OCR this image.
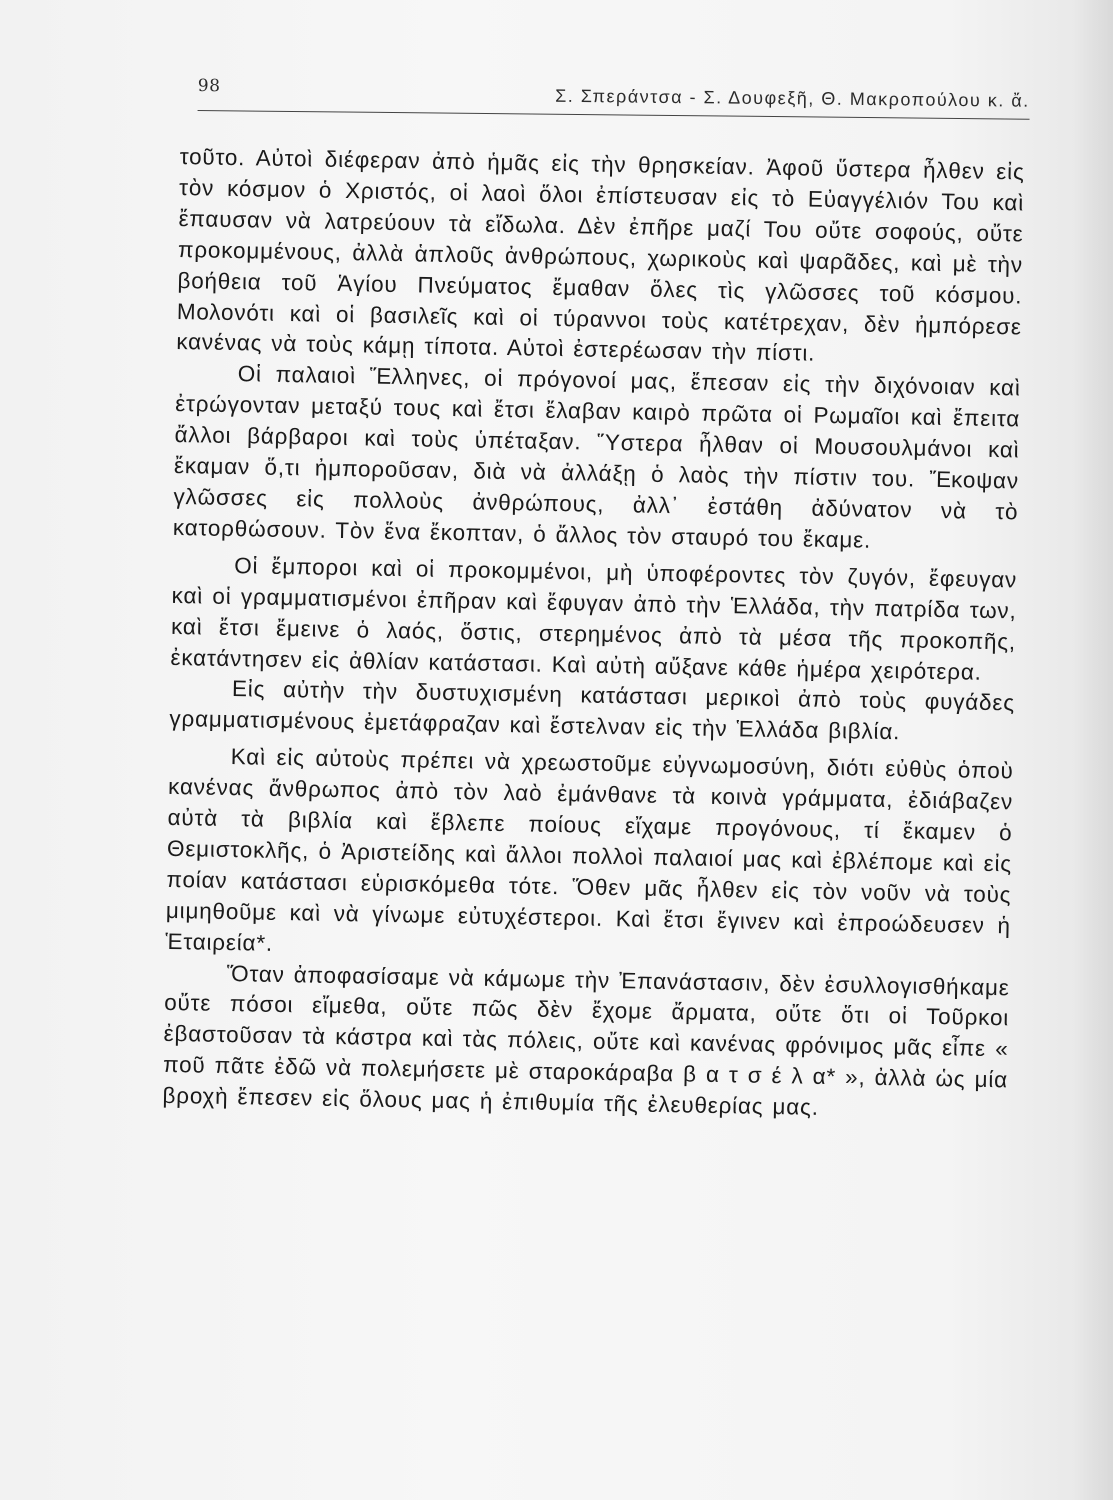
98	Σ. Σπεράντσα - Σ. Δουφεξῆ, Θ. Μακροπούλου κ. ἄ.

τοῦτο. Αὐτοὶ διέφεραν ἀπὸ ἡμᾶς εἰς τὴν θρησκείαν. Ἀφοῦ ὕστερα ἦλθεν εἰς τὸν κόσμον ὁ Χριστός, οἱ λαοὶ ὅλοι ἐπίστευσαν εἰς τὸ Εὐαγγέλιόν Του καὶ ἔπαυσαν νὰ λατρεύουν τὰ εἴδωλα. Δὲν ἐπῆρε μαζί Του οὔτε σοφούς, οὔτε προκομμένους, ἀλλὰ ἁπλοῦς ἀνθρώπους, χωρικοὺς καὶ ψαρᾶδες, καὶ μὲ τὴν βοήθεια τοῦ Ἁγίου Πνεύματος ἔμαθαν ὅλες τὶς γλῶσσες τοῦ κόσμου. Μολονότι καὶ οἱ βασιλεῖς καὶ οἱ τύραννοι τοὺς κατέτρεχαν, δὲν ἠμπόρεσε κανένας νὰ τοὺς κάμῃ τίποτα. Αὐτοὶ ἐστερέωσαν τὴν πίστι.

Οἱ παλαιοὶ Ἕλληνες, οἱ πρόγονοί μας, ἔπεσαν εἰς τὴν διχόνοιαν καὶ ἐτρώγονταν μεταξύ τους καὶ ἔτσι ἔλαβαν καιρὸ πρῶτα οἱ Ρωμαῖοι καὶ ἔπειτα ἄλλοι βάρβαροι καὶ τοὺς ὑπέταξαν. Ὕστερα ἦλθαν οἱ Μουσουλμάνοι καὶ ἔκαμαν ὅ,τι ἠμποροῦσαν, διὰ νὰ ἀλλάξῃ ὁ λαὸς τὴν πίστιν του. Ἔκοψαν γλῶσσες εἰς πολλοὺς ἀνθρώπους, ἀλλ᾽ ἐστάθη ἀδύνατον νὰ τὸ κατορθώσουν. Τὸν ἕνα ἔκοπταν, ὁ ἄλλος τὸν σταυρό του ἔκαμε.

Οἱ ἔμποροι καὶ οἱ προκομμένοι, μὴ ὑποφέροντες τὸν ζυγόν, ἔφευγαν καὶ οἱ γραμματισμένοι ἐπῆραν καὶ ἔφυγαν ἀπὸ τὴν Ἑλλάδα, τὴν πατρίδα των, καὶ ἔτσι ἔμεινε ὁ λαός, ὅστις, στερημένος ἀπὸ τὰ μέσα τῆς προκοπῆς, ἐκατάντησεν εἰς ἀθλίαν κατάστασι. Καὶ αὐτὴ αὔξανε κάθε ἡμέρα χειρότερα.

Εἰς αὐτὴν τὴν δυστυχισμένη κατάστασι μερικοὶ ἀπὸ τοὺς φυγάδες γραμματισμένους ἐμετάφραζαν καὶ ἔστελναν εἰς τὴν Ἑλλάδα βιβλία.

Καὶ εἰς αὐτοὺς πρέπει νὰ χρεωστοῦμε εὐγνωμοσύνη, διότι εὐθὺς ὁποὺ κανένας ἄνθρωπος ἀπὸ τὸν λαὸ ἐμάνθανε τὰ κοινὰ γράμματα, ἐδιάβαζεν αὐτὰ τὰ βιβλία καὶ ἔβλεπε ποίους εἴχαμε προγόνους, τί ἔκαμεν ὁ Θεμιστοκλῆς, ὁ Ἀριστείδης καὶ ἄλλοι πολλοὶ παλαιοί μας καὶ ἐβλέπομε καὶ εἰς ποίαν κατάστασι εὑρισκόμεθα τότε. Ὅθεν μᾶς ἦλθεν εἰς τὸν νοῦν νὰ τοὺς μιμηθοῦμε καὶ νὰ γίνωμε εὐτυχέστεροι. Καὶ ἔτσι ἔγινεν καὶ ἐπροώδευσεν ἡ Ἑταιρεία*.

Ὅταν ἀποφασίσαμε νὰ κάμωμε τὴν Ἐπανάστασιν, δὲν ἐσυλλογισθήκαμε οὔτε πόσοι εἴμεθα, οὔτε πῶς δὲν ἔχομε ἄρματα, οὔτε ὅτι οἱ Τοῦρκοι ἐβαστοῦσαν τὰ κάστρα καὶ τὰς πόλεις, οὔτε καὶ κανένας φρόνιμος μᾶς εἶπε « ποῦ πᾶτε ἐδῶ νὰ πολεμήσετε μὲ σταροκάραβα β α τ σ έ λ α* », ἀλλὰ ὡς μία βροχὴ ἔπεσεν εἰς ὅλους μας ἡ ἐπιθυμία τῆς ἐλευθερίας μας.
